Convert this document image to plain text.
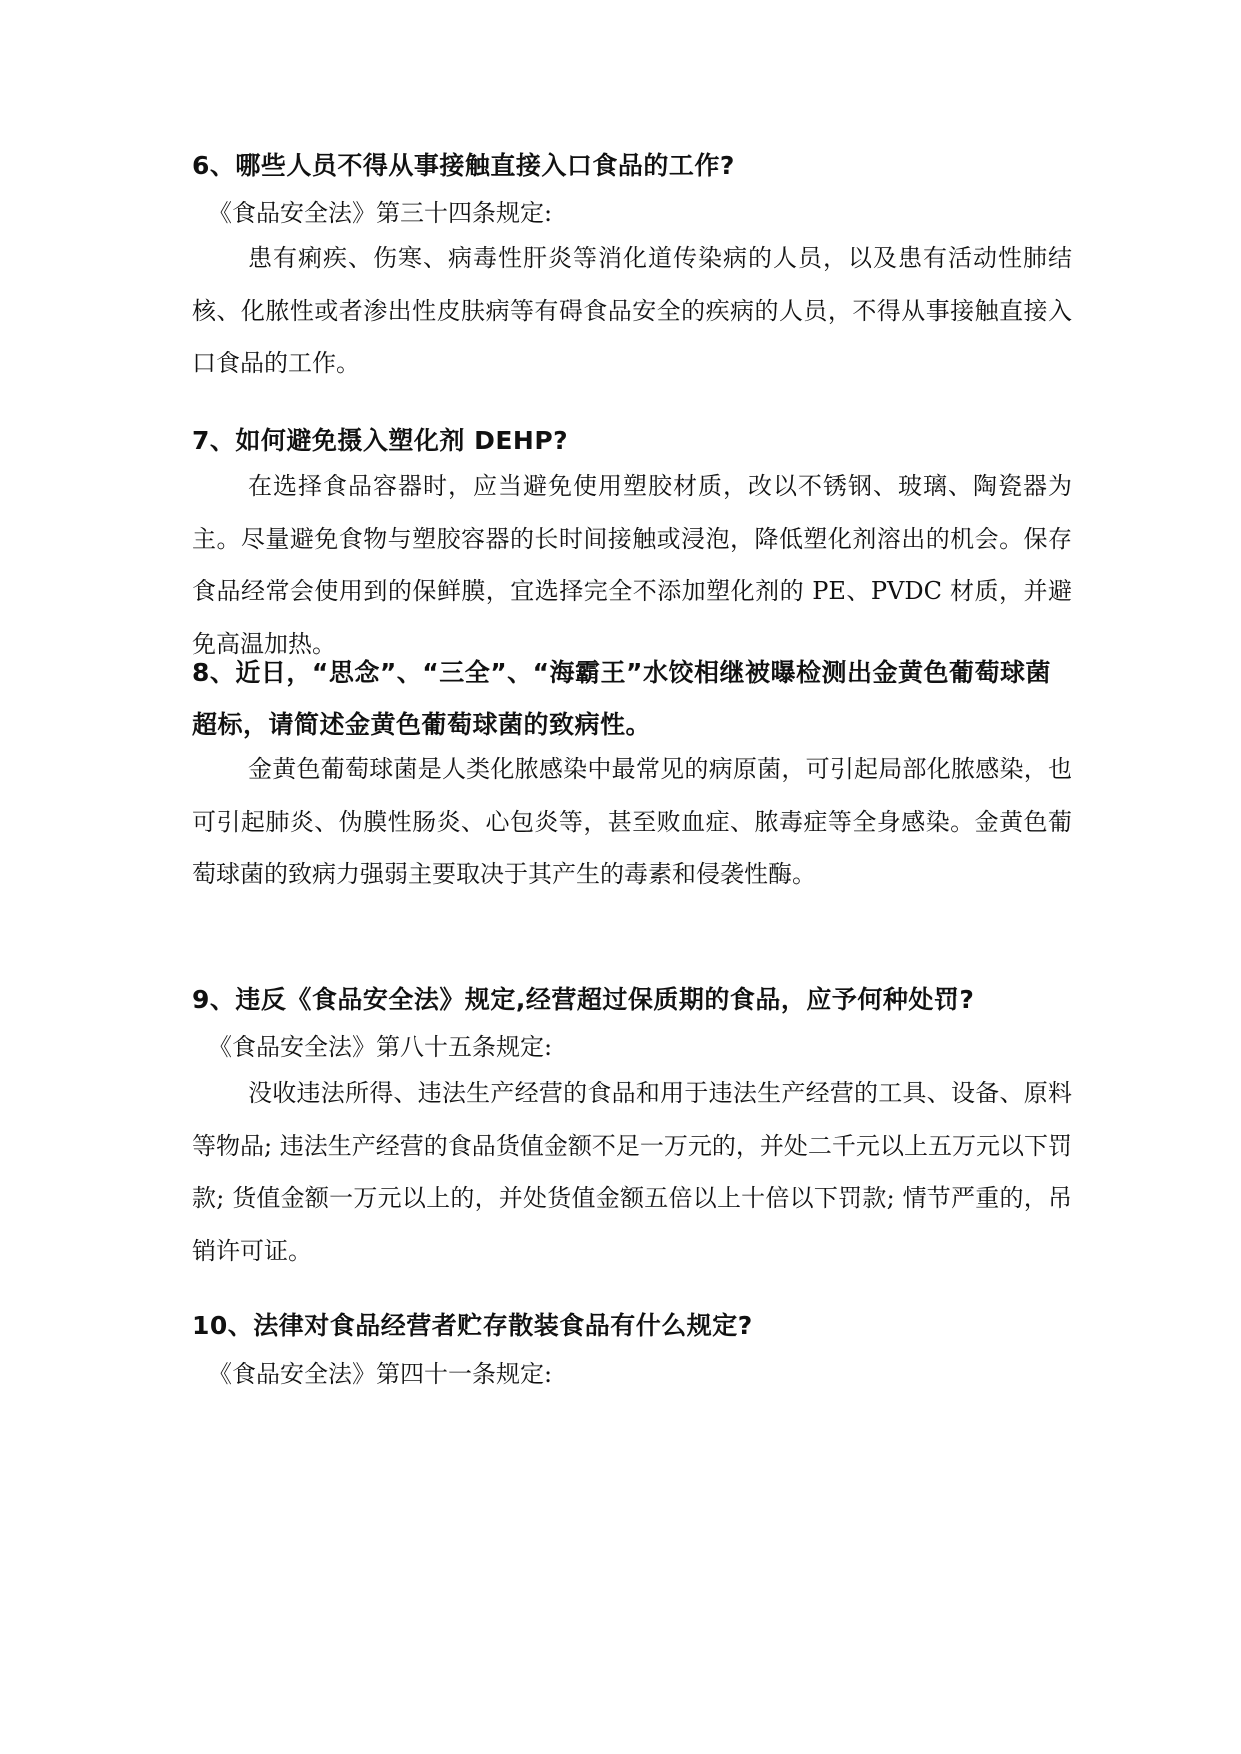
6、哪些人员不得从事接触直接入口食品的工作?
《食品安全法》第三十四条规定:
患有痢疾、伤寒、病毒性肝炎等消化道传染病的人员，以及患有活动性肺结核、化脓性或者渗出性皮肤病等有碍食品安全的疾病的人员，不得从事接触直接入口食品的工作。
7、如何避免摄入塑化剂 DEHP?
在选择食品容器时，应当避免使用塑胶材质，改以不锈钢、玻璃、陶瓷器为主。尽量避免食物与塑胶容器的长时间接触或浸泡，降低塑化剂溶出的机会。保存食品经常会使用到的保鲜膜，宜选择完全不添加塑化剂的 PE、PVDC 材质，并避免高温加热。
8、近日，“思念”、“三全”、“海霸王”水饺相继被曝检测出金黄色葡萄球菌超标，请简述金黄色葡萄球菌的致病性。
金黄色葡萄球菌是人类化脓感染中最常见的病原菌，可引起局部化脓感染，也可引起肺炎、伪膜性肠炎、心包炎等，甚至败血症、脓毒症等全身感染。金黄色葡萄球菌的致病力强弱主要取决于其产生的毒素和侵袭性酶。
9、违反《食品安全法》规定,经营超过保质期的食品，应予何种处罚?
《食品安全法》第八十五条规定:
没收违法所得、违法生产经营的食品和用于违法生产经营的工具、设备、原料等物品; 违法生产经营的食品货值金额不足一万元的，并处二千元以上五万元以下罚款; 货值金额一万元以上的，并处货值金额五倍以上十倍以下罚款; 情节严重的，吊销许可证。
10、法律对食品经营者贮存散装食品有什么规定?
《食品安全法》第四十一条规定:
